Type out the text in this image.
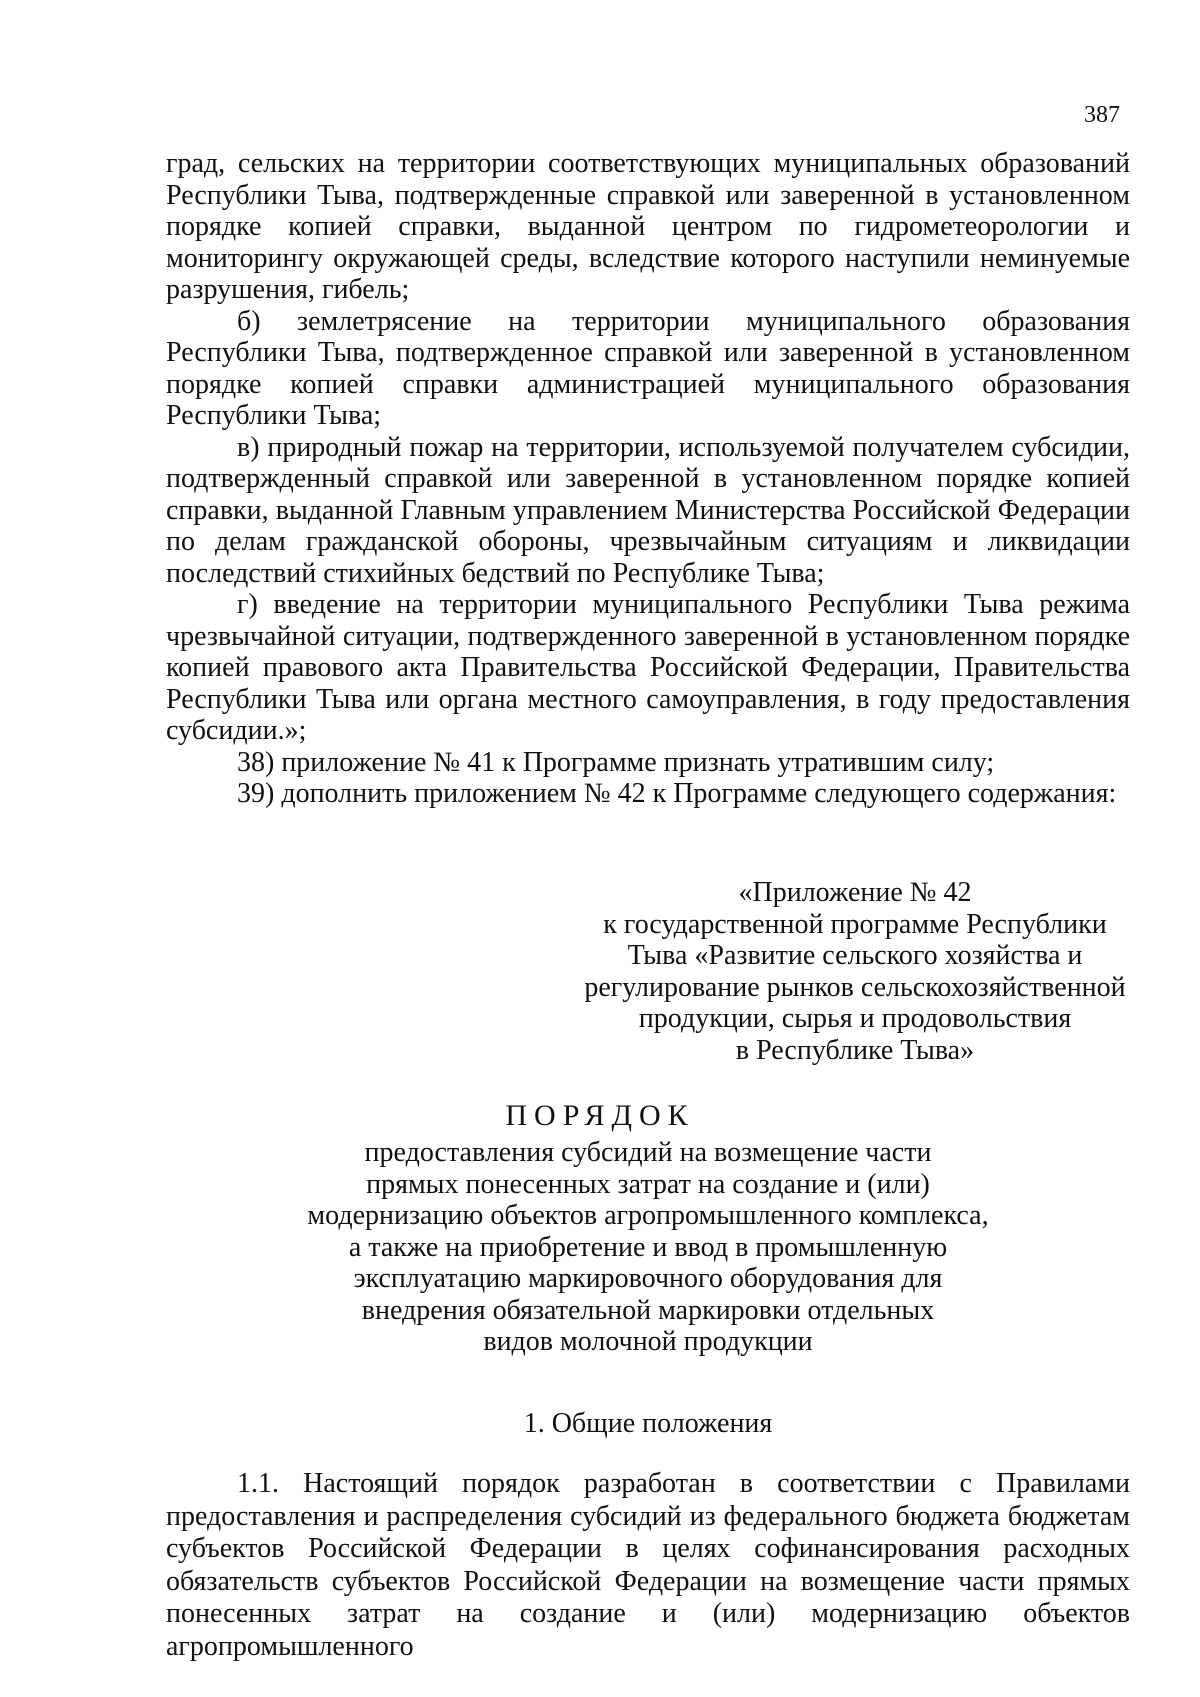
387

град, сельских на территории соответствующих муниципальных образований Республики Тыва, подтвержденные справкой или заверенной в установленном порядке копией справки, выданной центром по гидрометеорологии и мониторингу окружающей среды, вследствие которого наступили неминуемые разрушения, гибель;

б) землетрясение на территории муниципального образования Республики Тыва, подтвержденное справкой или заверенной в установленном порядке копией справки администрацией муниципального образования Республики Тыва;

в) природный пожар на территории, используемой получателем субсидии, подтвержденный справкой или заверенной в установленном порядке копией справки, выданной Главным управлением Министерства Российской Федерации по делам гражданской обороны, чрезвычайным ситуациям и ликвидации последствий стихийных бедствий по Республике Тыва;

г) введение на территории муниципального Республики Тыва режима чрезвычайной ситуации, подтвержденного заверенной в установленном порядке копией правового акта Правительства Российской Федерации, Правительства Республики Тыва или органа местного самоуправления, в году предоставления субсидии.»;

38) приложение № 41 к Программе признать утратившим силу;

39) дополнить приложением № 42 к Программе следующего содержания:

«Приложение № 42
к государственной программе Республики
Тыва «Развитие сельского хозяйства и
регулирование рынков сельскохозяйственной
продукции, сырья и продовольствия
в Республике Тыва»
ПОРЯДОК
предоставления субсидий на возмещение части
прямых понесенных затрат на создание и (или)
модернизацию объектов агропромышленного комплекса,
а также на приобретение и ввод в промышленную
эксплуатацию маркировочного оборудования для
внедрения обязательной маркировки отдельных
видов молочной продукции
1. Общие положения

1.1. Настоящий порядок разработан в соответствии с Правилами предоставления и распределения субсидий из федерального бюджета бюджетам субъектов Российской Федерации в целях софинансирования расходных обязательств субъектов Российской Федерации на возмещение части прямых понесенных затрат на создание и (или) модернизацию объектов агропромышленного
